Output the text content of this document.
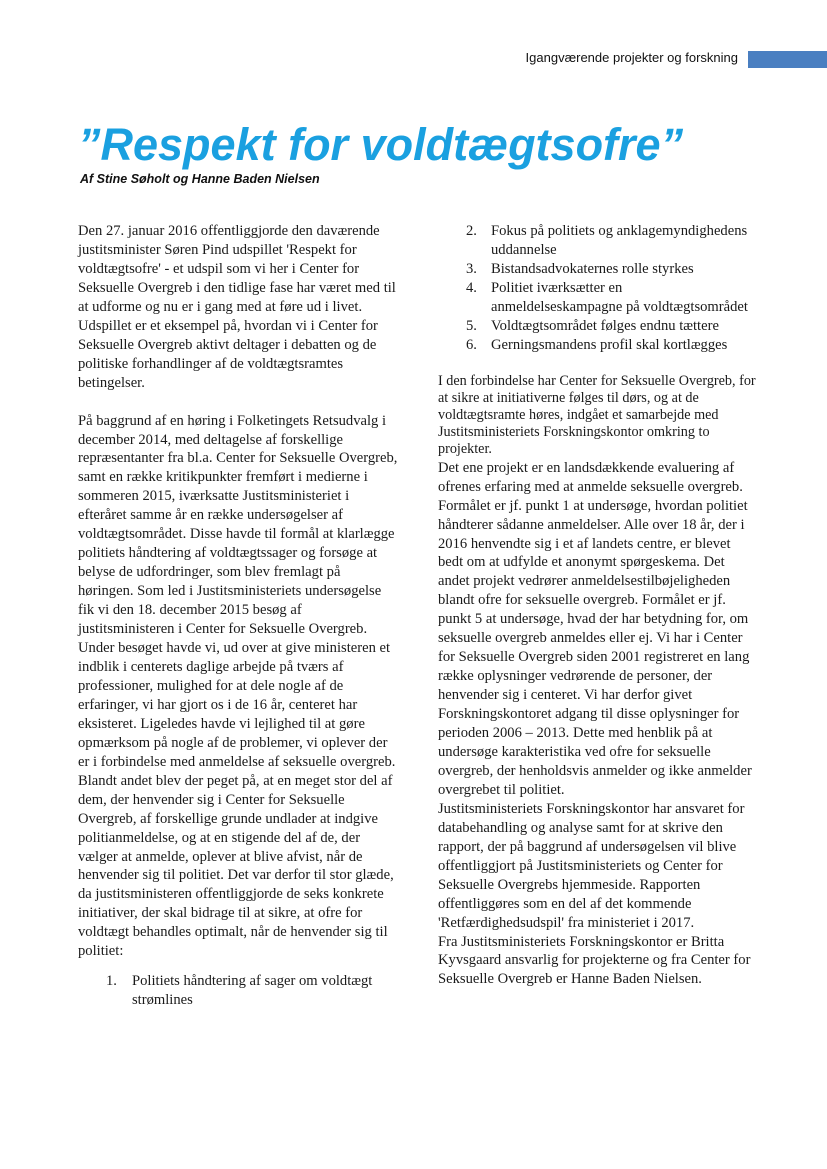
Igangværende projekter og forskning
”Respekt for voldtægtsofre”
Af Stine Søholt og Hanne Baden Nielsen

Den 27. januar 2016 offentliggjorde den daværende justitsminister Søren Pind udspillet 'Respekt for voldtægtsofre' - et udspil som vi her i Center for Seksuelle Overgreb i den tidlige fase har været med til at udforme og nu er i gang med at føre ud i livet. Udspillet er et eksempel på, hvordan vi i Center for Seksuelle Overgreb aktivt deltager i debatten og de politiske forhandlinger af de voldtægtsramtes betingelser.

På baggrund af en høring i Folketingets Retsudvalg i december 2014, med deltagelse af forskellige repræsentanter fra bl.a. Center for Seksuelle Overgreb, samt en række kritikpunkter fremført i medierne i sommeren 2015, iværksatte Justitsministeriet i efteråret samme år en række undersøgelser af voldtægtsområdet. Disse havde til formål at klarlægge politiets håndtering af voldtægtssager og forsøge at belyse de udfordringer, som blev fremlagt på høringen. Som led i Justitsministeriets undersøgelse fik vi den 18. december 2015 besøg af justitsministeren i Center for Seksuelle Overgreb. Under besøget havde vi, ud over at give ministeren et indblik i centerets daglige arbejde på tværs af professioner, mulighed for at dele nogle af de erfaringer, vi har gjort os i de 16 år, centeret har eksisteret. Ligeledes havde vi lejlighed til at gøre opmærksom på nogle af de problemer, vi oplever der er i forbindelse med anmeldelse af seksuelle overgreb. Blandt andet blev der peget på, at en meget stor del af dem, der henvender sig i Center for Seksuelle Overgreb, af forskellige grunde undlader at indgive politianmeldelse, og at en stigende del af de, der vælger at anmelde, oplever at blive afvist, når de henvender sig til politiet. Det var derfor til stor glæde, da justitsministeren offentliggjorde de seks konkrete initiativer, der skal bidrage til at sikre, at ofre for voldtægt behandles optimalt, når de henvender sig til politiet:

1. Politiets håndtering af sager om voldtægt strømlines
2. Fokus på politiets og anklagemyndighedens uddannelse
3. Bistandsadvokaternes rolle styrkes
4. Politiet iværksætter en anmeldelseskampagne på voldtægtsområdet
5. Voldtægtsområdet følges endnu tættere
6. Gerningsmandens profil skal kortlægges

I den forbindelse har Center for Seksuelle Overgreb, for at sikre at initiativerne følges til dørs, og at de voldtægtsramte høres, indgået et samarbejde med Justitsministeriets Forskningskontor omkring to projekter.

Det ene projekt er en landsdækkende evaluering af ofrenes erfaring med at anmelde seksuelle overgreb. Formålet er jf. punkt 1 at undersøge, hvordan politiet håndterer sådanne anmeldelser. Alle over 18 år, der i 2016 henvendte sig i et af landets centre, er blevet bedt om at udfylde et anonymt spørgeskema. Det andet projekt vedrører anmeldelsestilbøjeligheden blandt ofre for seksuelle overgreb. Formålet er jf. punkt 5 at undersøge, hvad der har betydning for, om seksuelle overgreb anmeldes eller ej. Vi har i Center for Seksuelle Overgreb siden 2001 registreret en lang række oplysninger vedrørende de personer, der henvender sig i centeret. Vi har derfor givet Forskningskontoret adgang til disse oplysninger for perioden 2006 – 2013. Dette med henblik på at undersøge karakteristika ved ofre for seksuelle overgreb, der henholdsvis anmelder og ikke anmelder overgrebet til politiet.

Justitsministeriets Forskningskontor har ansvaret for databehandling og analyse samt for at skrive den rapport, der på baggrund af undersøgelsen vil blive offentliggjort på Justitsministeriets og Center for Seksuelle Overgrebs hjemmeside. Rapporten offentliggøres som en del af det kommende 'Retfærdighedsudspil' fra ministeriet i 2017.

Fra Justitsministeriets Forskningskontor er Britta Kyvsgaard ansvarlig for projekterne og fra Center for Seksuelle Overgreb er Hanne Baden Nielsen.
